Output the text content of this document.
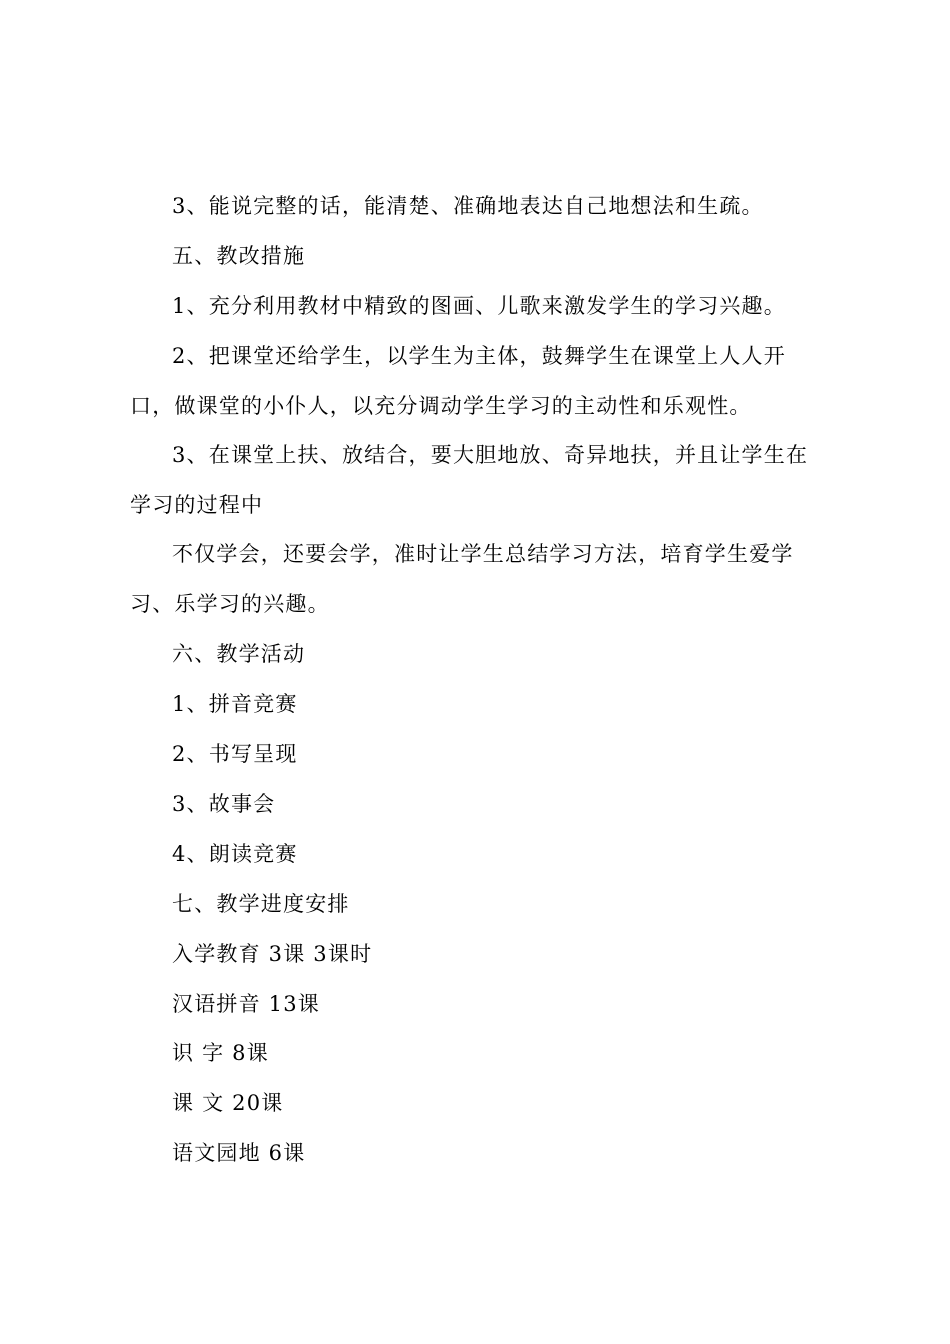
3、能说完整的话，能清楚、准确地表达自己地想法和生疏。
五、教改措施
1、充分利用教材中精致的图画、儿歌来激发学生的学习兴趣。
2、把课堂还给学生，以学生为主体，鼓舞学生在课堂上人人开口，做课堂的小仆人，以充分调动学生学习的主动性和乐观性。
3、在课堂上扶、放结合，要大胆地放、奇异地扶，并且让学生在学习的过程中
不仅学会，还要会学，准时让学生总结学习方法，培育学生爱学习、乐学习的兴趣。
六、教学活动
1、拼音竞赛
2、书写呈现
3、故事会
4、朗读竞赛
七、教学进度安排
入学教育 3课 3课时
汉语拼音 13课
识 字 8课
课 文 20课
语文园地 6课
